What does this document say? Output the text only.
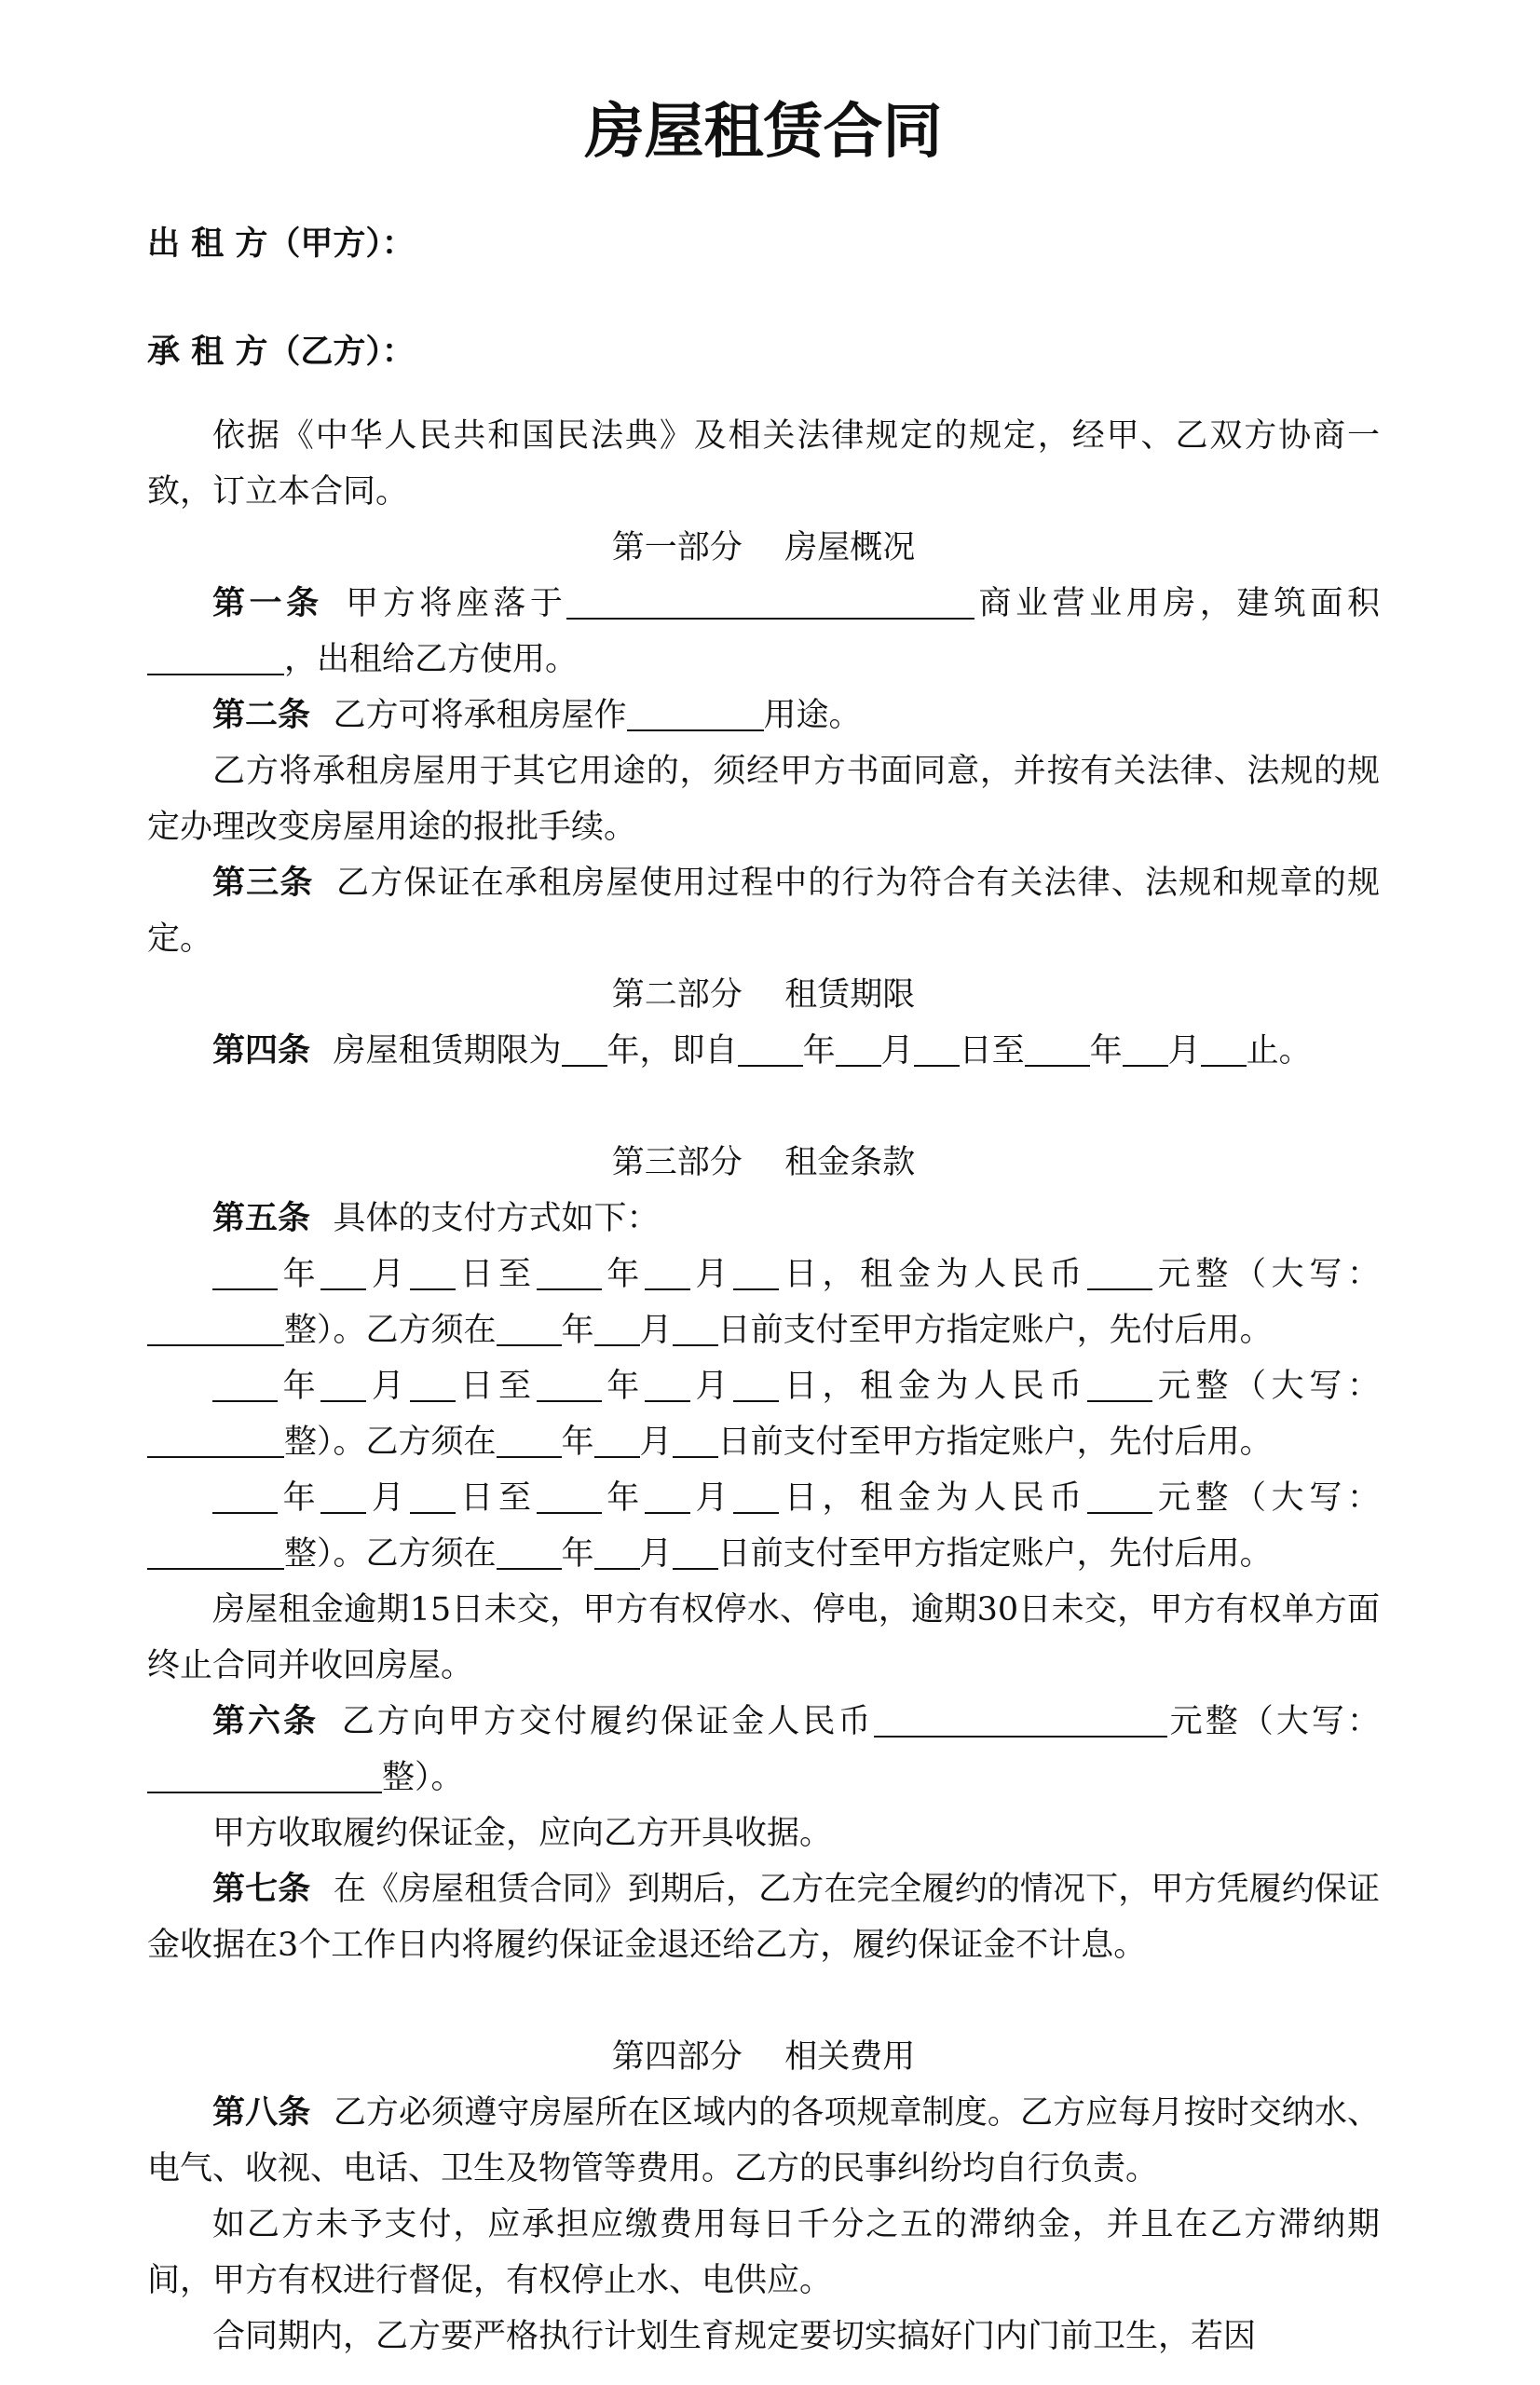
房屋租赁合同
出 租 方（甲方）：
承 租 方（乙方）：

依据《中华人民共和国民法典》及相关法律规定的规定，经甲、乙双方协商一致，订立本合同。

第一部分 房屋概况

第一条 甲方将座落于	商业营业用房，建筑面积，出租给乙方使用。

第二条 乙方可将承租房屋作	用途。

乙方将承租房屋用于其它用途的，须经甲方书面同意，并按有关法律、法规的规定办理改变房屋用途的报批手续。

第三条 乙方保证在承租房屋使用过程中的行为符合有关法律、法规和规章的规定。

第二部分 租赁期限

第四条 房屋租赁期限为 年，即自 年 月 日至 年 月 止。

第三部分 租金条款

第五条 具体的支付方式如下：

年 月 日至 年 月 日，租金为人民币 元整（大写：整）。乙方须在 年 月 日前支付至甲方指定账户，先付后用。

年 月 日至 年 月 日，租金为人民币 元整（大写：整）。乙方须在 年 月 日前支付至甲方指定账户，先付后用。

年 月 日至 年 月 日，租金为人民币 元整（大写：整）。乙方须在 年 月 日前支付至甲方指定账户，先付后用。

房屋租金逾期15日未交，甲方有权停水、停电，逾期30日未交，甲方有权单方面终止合同并收回房屋。

第六条 乙方向甲方交付履约保证金人民币	元整（大写：整）。

甲方收取履约保证金，应向乙方开具收据。

第七条 在《房屋租赁合同》到期后，乙方在完全履约的情况下，甲方凭履约保证金收据在3个工作日内将履约保证金退还给乙方，履约保证金不计息。

第四部分 相关费用

第八条 乙方必须遵守房屋所在区域内的各项规章制度。乙方应每月按时交纳水、电气、收视、电话、卫生及物管等费用。乙方的民事纠纷均自行负责。

如乙方未予支付，应承担应缴费用每日千分之五的滞纳金，并且在乙方滞纳期间，甲方有权进行督促，有权停止水、电供应。

合同期内，乙方要严格执行计划生育规定要切实搞好门内门前卫生，若因
